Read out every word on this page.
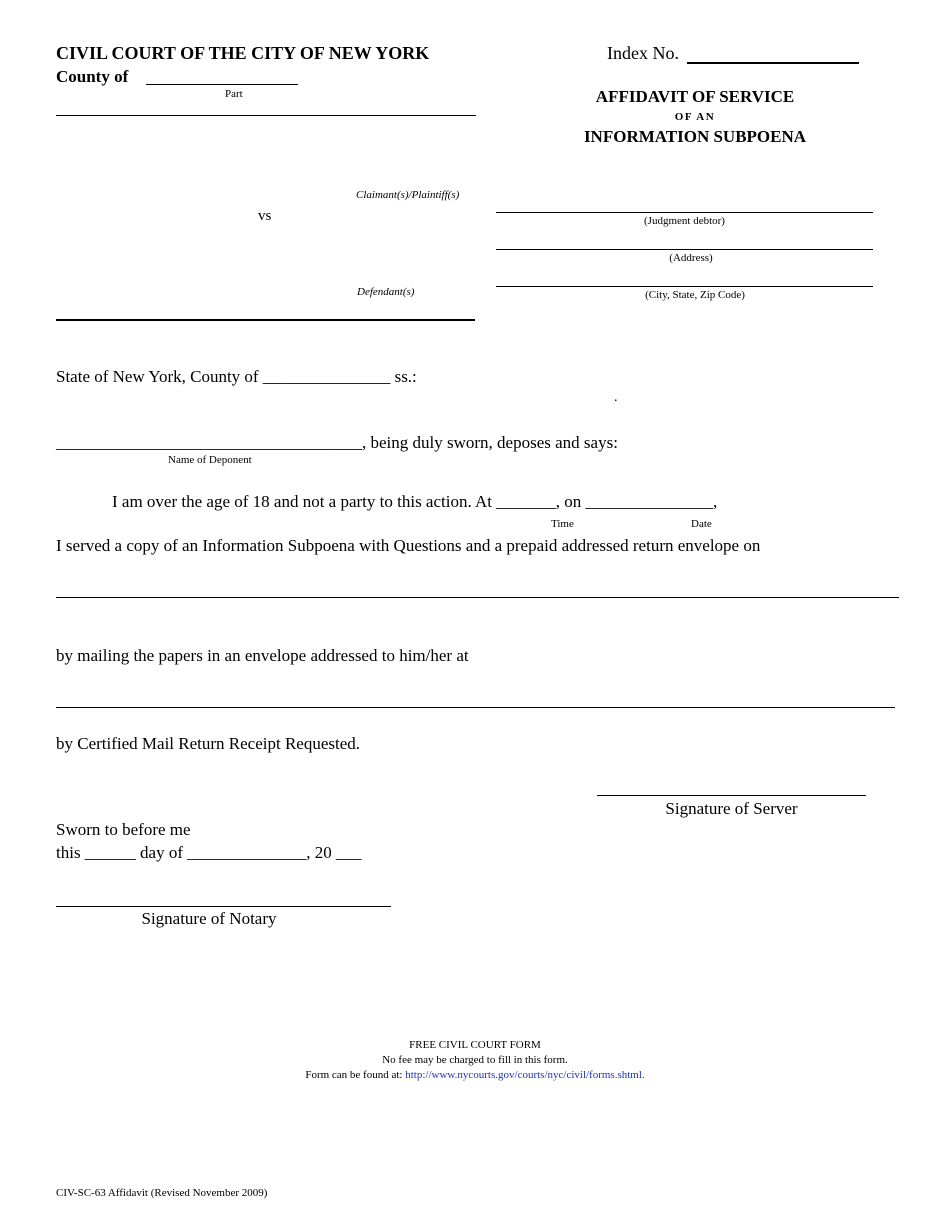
CIVIL COURT OF THE CITY OF NEW YORK
County of
Part
Index No.
AFFIDAVIT OF SERVICE
OF AN
INFORMATION SUBPOENA
Claimant(s)/Plaintiff(s)
vs
Defendant(s)
(Judgment debtor)
(Address)
(City, State, Zip Code)
State of New York, County of _______________ ss.:
.
____________________________________, being duly sworn, deposes and says:
Name of Deponent
I am over the age of 18 and not a party to this action. At _______, on _______________,
Time	Date
I served a copy of an Information Subpoena with Questions and a prepaid addressed return envelope on
by mailing the papers in an envelope addressed to him/her at
by Certified Mail Return Receipt Requested.
Signature of Server
Sworn to before me
this ______ day of ______________, 20 ___
Signature of Notary
FREE CIVIL COURT FORM
No fee may be charged to fill in this form.
Form can be found at: http://www.nycourts.gov/courts/nyc/civil/forms.shtml.
CIV-SC-63 Affidavit (Revised November 2009)
